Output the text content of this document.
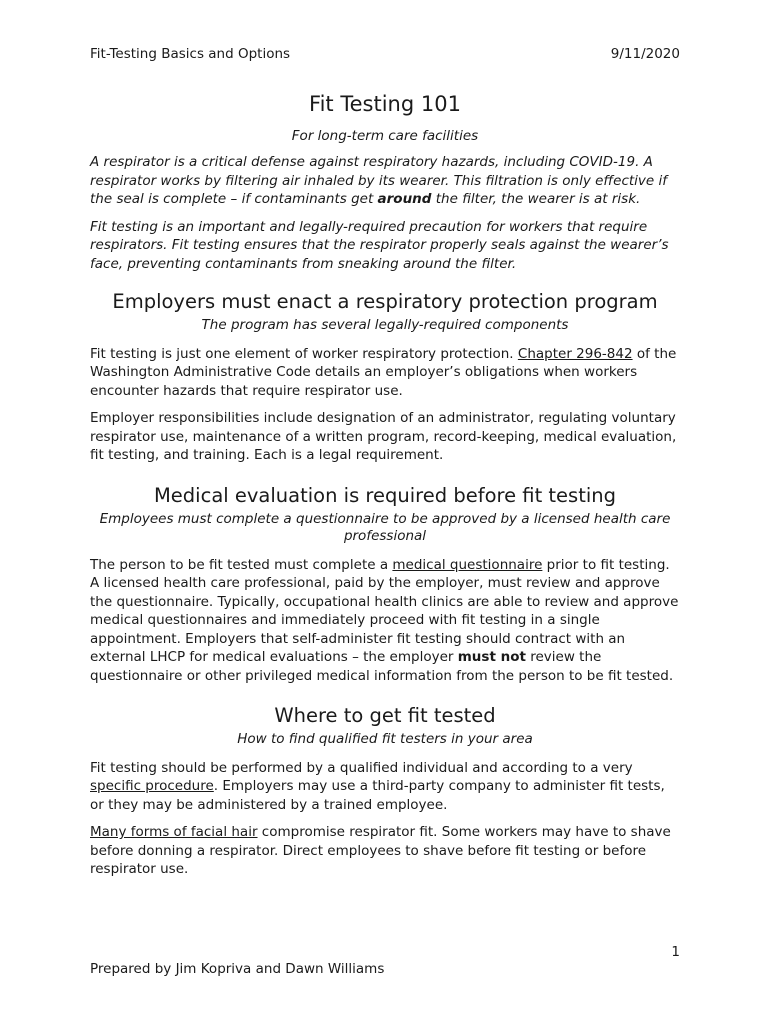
Fit-Testing Basics and Options	9/11/2020
Fit Testing 101
For long-term care facilities

A respirator is a critical defense against respiratory hazards, including COVID-19. A respirator works by filtering air inhaled by its wearer. This filtration is only effective if the seal is complete – if contaminants get around the filter, the wearer is at risk.

Fit testing is an important and legally-required precaution for workers that require respirators. Fit testing ensures that the respirator properly seals against the wearer’s face, preventing contaminants from sneaking around the filter.

Employers must enact a respiratory protection program
The program has several legally-required components

Fit testing is just one element of worker respiratory protection. Chapter 296-842 of the Washington Administrative Code details an employer’s obligations when workers encounter hazards that require respirator use.

Employer responsibilities include designation of an administrator, regulating voluntary respirator use, maintenance of a written program, record-keeping, medical evaluation, fit testing, and training. Each is a legal requirement.

Medical evaluation is required before fit testing
Employees must complete a questionnaire to be approved by a licensed health care professional

The person to be fit tested must complete a medical questionnaire prior to fit testing. A licensed health care professional, paid by the employer, must review and approve the questionnaire. Typically, occupational health clinics are able to review and approve medical questionnaires and immediately proceed with fit testing in a single appointment. Employers that self-administer fit testing should contract with an external LHCP for medical evaluations – the employer must not review the questionnaire or other privileged medical information from the person to be fit tested.

Where to get fit tested
How to find qualified fit testers in your area

Fit testing should be performed by a qualified individual and according to a very specific procedure. Employers may use a third-party company to administer fit tests, or they may be administered by a trained employee.

Many forms of facial hair compromise respirator fit. Some workers may have to shave before donning a respirator. Direct employees to shave before fit testing or before respirator use.

1
Prepared by Jim Kopriva and Dawn Williams
